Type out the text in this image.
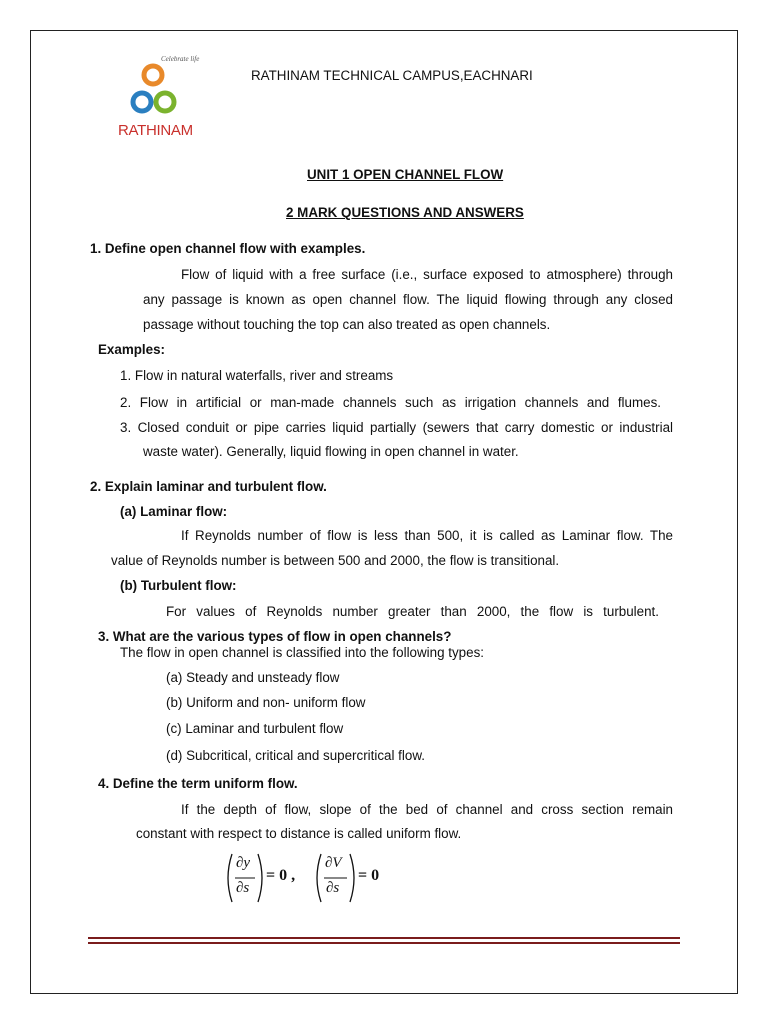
Celebrate life
RATHINAM
RATHINAM TECHNICAL CAMPUS,EACHNARI
UNIT 1 OPEN CHANNEL FLOW
2 MARK QUESTIONS AND ANSWERS
1. Define open channel flow with examples.
Flow of liquid with a free surface (i.e., surface exposed to atmosphere) through
any passage is known as open channel flow. The liquid flowing through any closed
passage without touching the top can also treated as open channels.
Examples:
1. Flow in natural waterfalls, river and streams
2. Flow in artificial or man-made channels such as irrigation channels and flumes.
3. Closed conduit or pipe carries liquid partially (sewers that carry domestic or industrial
waste water). Generally, liquid flowing in open channel in water.
2. Explain laminar and turbulent flow.
(a) Laminar flow:
If Reynolds number of flow is less than 500, it is called as Laminar flow. The
value of Reynolds number is between 500 and 2000, the flow is transitional.
(b) Turbulent flow:
For values of Reynolds number greater than 2000, the flow is turbulent.
3. What are the various types of flow in open channels?
The flow in open channel is classified into the following types:
(a) Steady and unsteady flow
(b) Uniform and non- uniform flow
(c) Laminar and turbulent flow
(d) Subcritical, critical and supercritical flow.
4. Define the term uniform flow.
If the depth of flow, slope of the bed of channel and cross section remain
constant with respect to distance is called uniform flow.
∂y
∂s
= 0 ,
∂V
∂s
= 0
